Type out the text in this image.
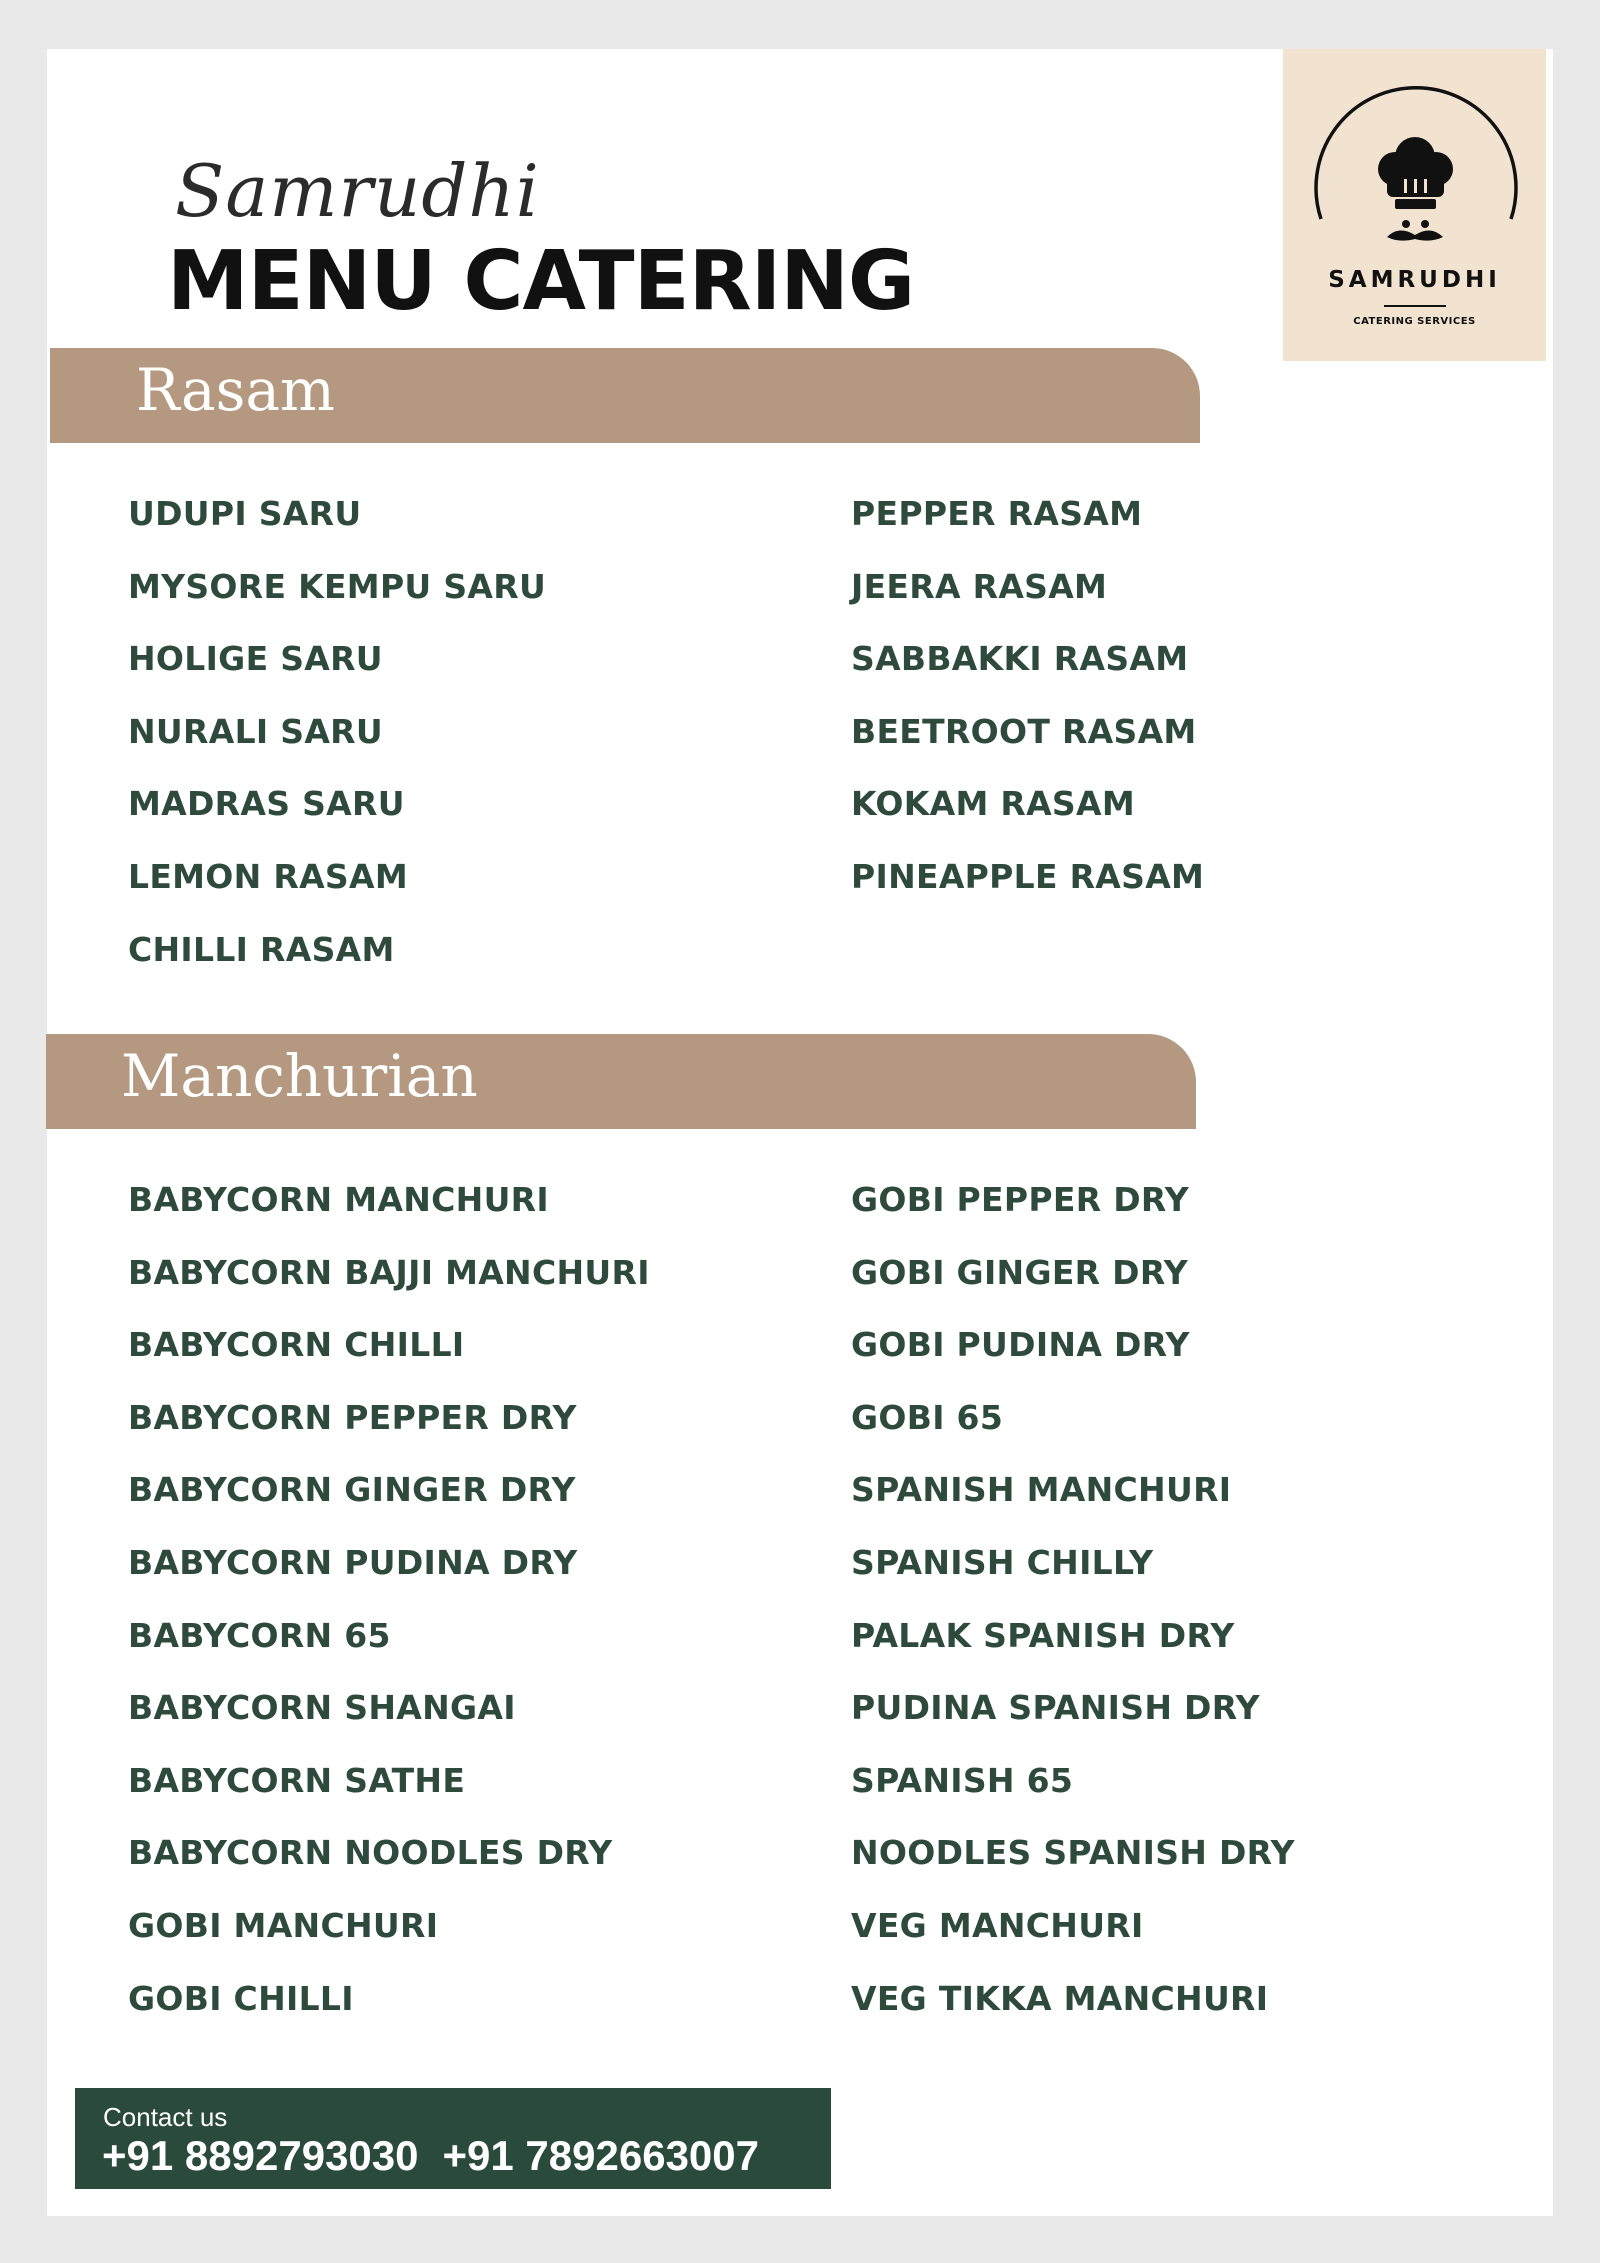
Samrudhi
MENU CATERING	SAMRUDHI
CATERING SERVICES
Rasam
UDUPI SARU
MYSORE KEMPU SARU
HOLIGE SARU
NURALI SARU
MADRAS SARU
LEMON RASAM
CHILLI RASAM
PEPPER RASAM
JEERA RASAM
SABBAKKI RASAM
BEETROOT RASAM
KOKAM RASAM
PINEAPPLE RASAM
Manchurian
BABYCORN MANCHURI
BABYCORN BAJJI MANCHURI
BABYCORN CHILLI
BABYCORN PEPPER DRY
BABYCORN GINGER DRY
BABYCORN PUDINA DRY
BABYCORN 65
BABYCORN SHANGAI
BABYCORN SATHE
BABYCORN NOODLES DRY
GOBI MANCHURI
GOBI CHILLI
GOBI PEPPER DRY
GOBI GINGER DRY
GOBI PUDINA DRY
GOBI 65
SPANISH MANCHURI
SPANISH CHILLY
PALAK SPANISH DRY
PUDINA SPANISH DRY
SPANISH 65
NOODLES SPANISH DRY
VEG MANCHURI
VEG TIKKA MANCHURI
Contact us
+91 8892793030 +91 7892663007
